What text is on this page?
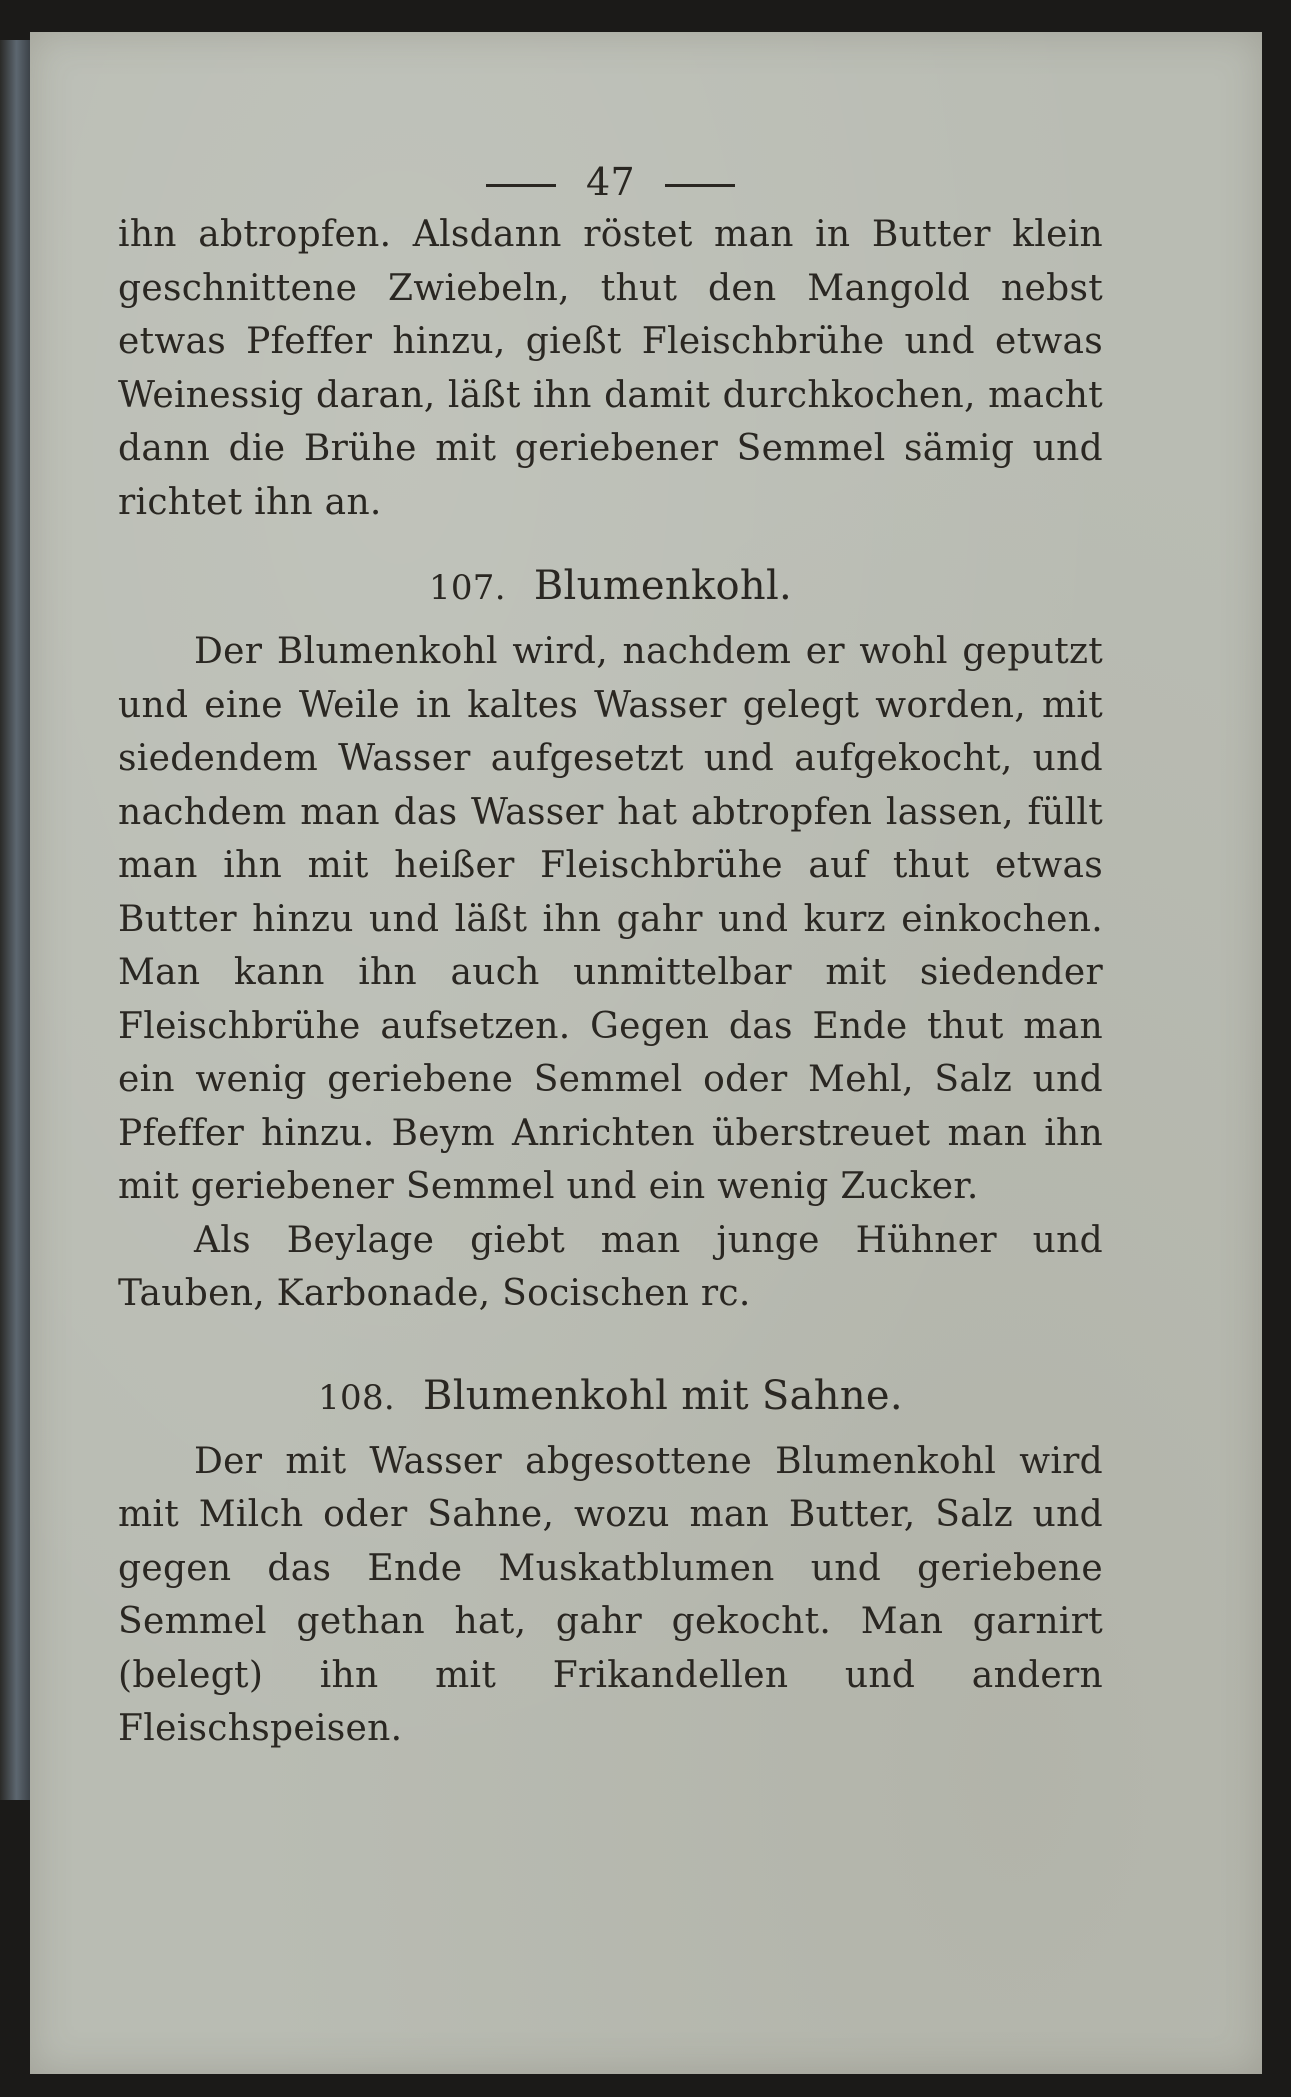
47

ihn abtropfen. Alsdann röstet man in Butter klein geschnittene Zwiebeln, thut den Mangold nebst etwas Pfeffer hinzu, gießt Fleischbrühe und etwas Weinessig daran, läßt ihn damit durchkochen, macht dann die Brühe mit geriebener Semmel sämig und richtet ihn an.

107. Blumenkohl.

Der Blumenkohl wird, nachdem er wohl geputzt und eine Weile in kaltes Wasser gelegt worden, mit siedendem Wasser aufgesetzt und aufgekocht, und nachdem man das Wasser hat abtropfen lassen, füllt man ihn mit heißer Fleischbrühe auf thut etwas Butter hinzu und läßt ihn gahr und kurz einkochen. Man kann ihn auch unmittelbar mit siedender Fleischbrühe aufsetzen. Gegen das Ende thut man ein wenig geriebene Semmel oder Mehl, Salz und Pfeffer hinzu. Beym Anrichten überstreuet man ihn mit geriebener Semmel und ein wenig Zucker.

Als Beylage giebt man junge Hühner und Tauben, Karbonade, Socischen rc.

108. Blumenkohl mit Sahne.

Der mit Wasser abgesottene Blumenkohl wird mit Milch oder Sahne, wozu man Butter, Salz und gegen das Ende Muskatblumen und geriebene Semmel gethan hat, gahr gekocht. Man garnirt (belegt) ihn mit Frikandellen und andern Fleischspeisen.
